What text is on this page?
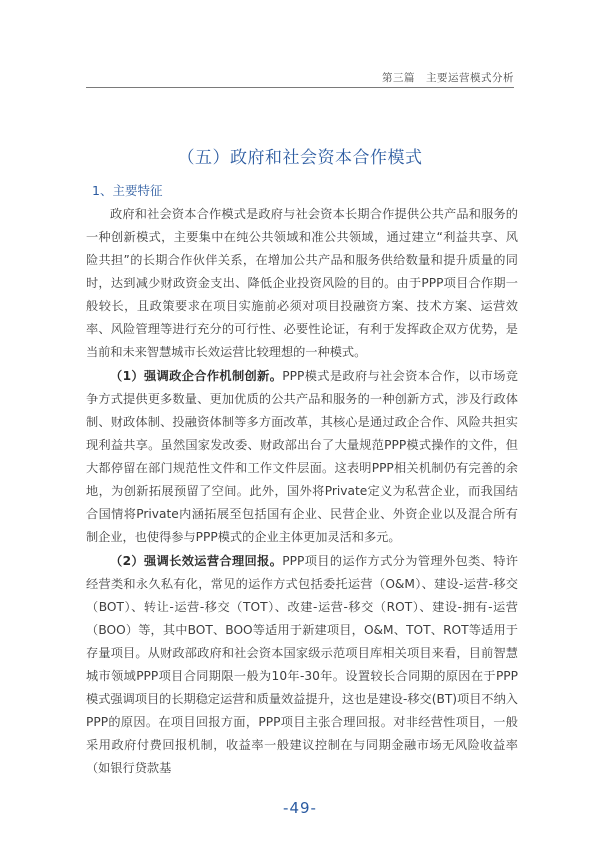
第三篇　主要运营模式分析
（五）政府和社会资本合作模式
1、主要特征

政府和社会资本合作模式是政府与社会资本长期合作提供公共产品和服务的一种创新模式，主要集中在纯公共领域和准公共领域，通过建立“利益共享、风险共担”的长期合作伙伴关系，在增加公共产品和服务供给数量和提升质量的同时，达到减少财政资金支出、降低企业投资风险的目的。由于PPP项目合作期一般较长，且政策要求在项目实施前必须对项目投融资方案、技术方案、运营效率、风险管理等进行充分的可行性、必要性论证，有利于发挥政企双方优势，是当前和未来智慧城市长效运营比较理想的一种模式。

（1）强调政企合作机制创新。PPP模式是政府与社会资本合作，以市场竞争方式提供更多数量、更加优质的公共产品和服务的一种创新方式，涉及行政体制、财政体制、投融资体制等多方面改革，其核心是通过政企合作、风险共担实现利益共享。虽然国家发改委、财政部出台了大量规范PPP模式操作的文件，但大都停留在部门规范性文件和工作文件层面。这表明PPP相关机制仍有完善的余地，为创新拓展预留了空间。此外，国外将Private定义为私营企业，而我国结合国情将Private内涵拓展至包括国有企业、民营企业、外资企业以及混合所有制企业，也使得参与PPP模式的企业主体更加灵活和多元。

（2）强调长效运营合理回报。PPP项目的运作方式分为管理外包类、特许经营类和永久私有化，常见的运作方式包括委托运营（O&M）、建设-运营-移交（BOT）、转让-运营-移交（TOT）、改建-运营-移交（ROT）、建设-拥有-运营（BOO）等，其中BOT、BOO等适用于新建项目，O&M、TOT、ROT等适用于存量项目。从财政部政府和社会资本国家级示范项目库相关项目来看，目前智慧城市领域PPP项目合同期限一般为10年-30年。设置较长合同期的原因在于PPP模式强调项目的长期稳定运营和质量效益提升，这也是建设-移交(BT)项目不纳入PPP的原因。在项目回报方面，PPP项目主张合理回报。对非经营性项目，一般采用政府付费回报机制，收益率一般建议控制在与同期金融市场无风险收益率（如银行贷款基

-49-
